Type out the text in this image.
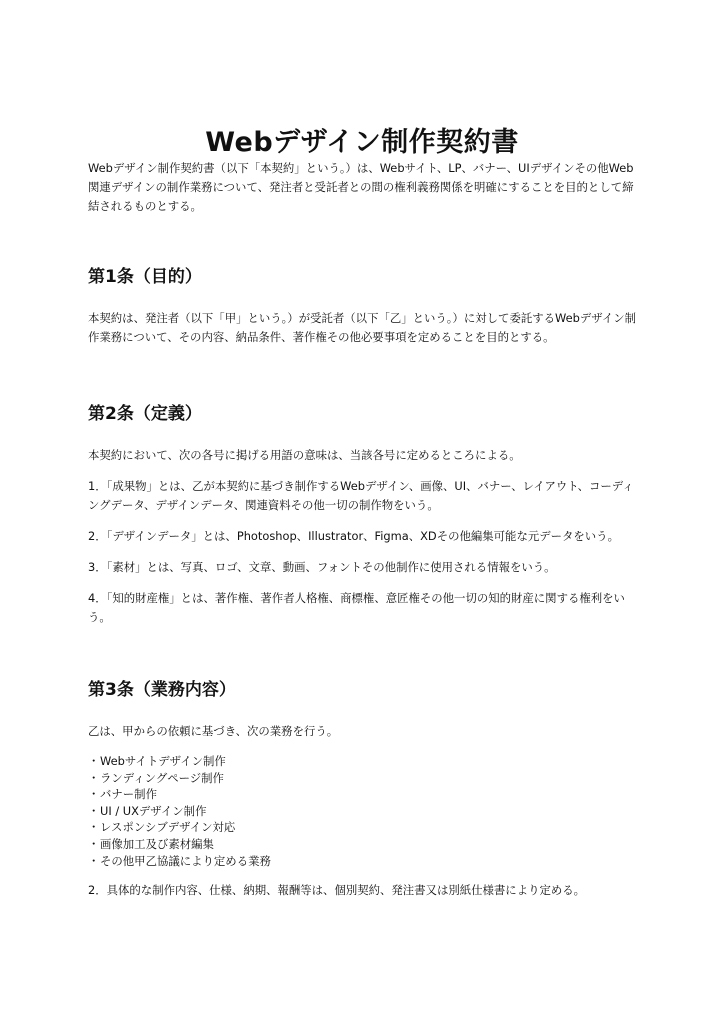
Webデザイン制作契約書

Webデザイン制作契約書（以下「本契約」という。）は、Webサイト、LP、バナー、UIデザインその他Web関連デザインの制作業務について、発注者と受託者との間の権利義務関係を明確にすることを目的として締結されるものとする。

第1条（目的）

本契約は、発注者（以下「甲」という。）が受託者（以下「乙」という。）に対して委託するWebデザイン制作業務について、その内容、納品条件、著作権その他必要事項を定めることを目的とする。

第2条（定義）

本契約において、次の各号に掲げる用語の意味は、当該各号に定めるところによる。

1．「成果物」とは、乙が本契約に基づき制作するWebデザイン、画像、UI、バナー、レイアウト、コーディングデータ、デザインデータ、関連資料その他一切の制作物をいう。

2．「デザインデータ」とは、Photoshop、Illustrator、Figma、XDその他編集可能な元データをいう。

3．「素材」とは、写真、ロゴ、文章、動画、フォントその他制作に使用される情報をいう。

4．「知的財産権」とは、著作権、著作者人格権、商標権、意匠権その他一切の知的財産に関する権利をいう。

第3条（業務内容）

乙は、甲からの依頼に基づき、次の業務を行う。

・ Webサイトデザイン制作
・ ランディングページ制作
・ バナー制作
・ UI / UXデザイン制作
・ レスポンシブデザイン対応
・ 画像加工及び素材編集
・ その他甲乙協議により定める業務

2．具体的な制作内容、仕様、納期、報酬等は、個別契約、発注書又は別紙仕様書により定める。
